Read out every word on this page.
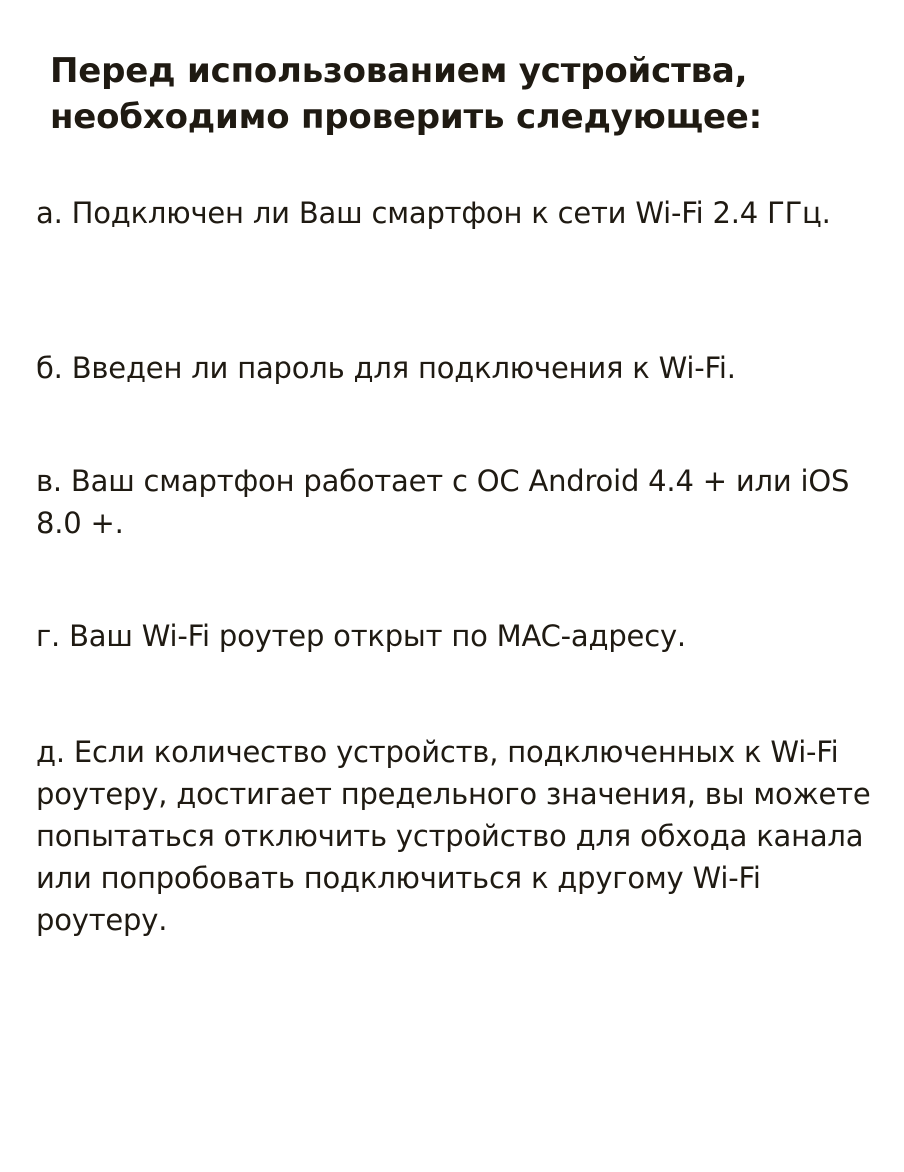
Перед использованием устройства, необходимо проверить следующее:

а. Подключен ли Ваш смартфон к сети Wi-Fi 2.4 ГГц.

б. Введен ли пароль для подключения к Wi-Fi.

в. Ваш смартфон работает с ОС Android 4.4 + или iOS 8.0 +.

г. Ваш Wi-Fi роутер открыт по MAC-адресу.

д. Если количество устройств, подключенных к Wi-Fi роутеру, достигает предельного значения, вы можете попытаться отключить устройство для обхода канала или попробовать подключиться к другому Wi-Fi роутеру.
